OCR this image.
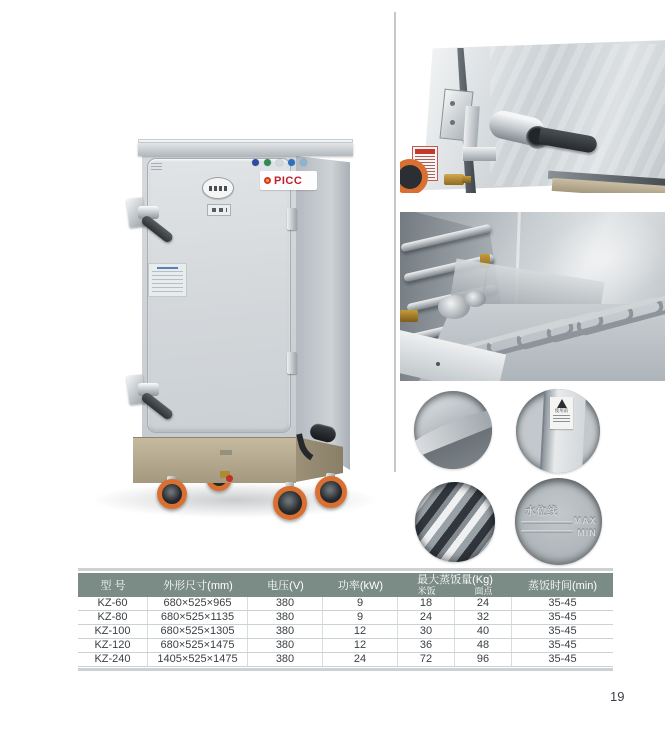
PICC
使用前
水位线
MAX
MIN
型 号	外形尺寸(mm)	电压(V)	功率(kW)	最大蒸饭量(Kg)
米饭	面点	蒸饭时间(min)
KZ-60	680×525×965	380	9	18	24	35-45
KZ-80	680×525×1135	380	9	24	32	35-45
KZ-100	680×525×1305	380	12	30	40	35-45
KZ-120	680×525×1475	380	12	36	48	35-45
KZ-240	1405×525×1475	380	24	72	96	35-45
19
